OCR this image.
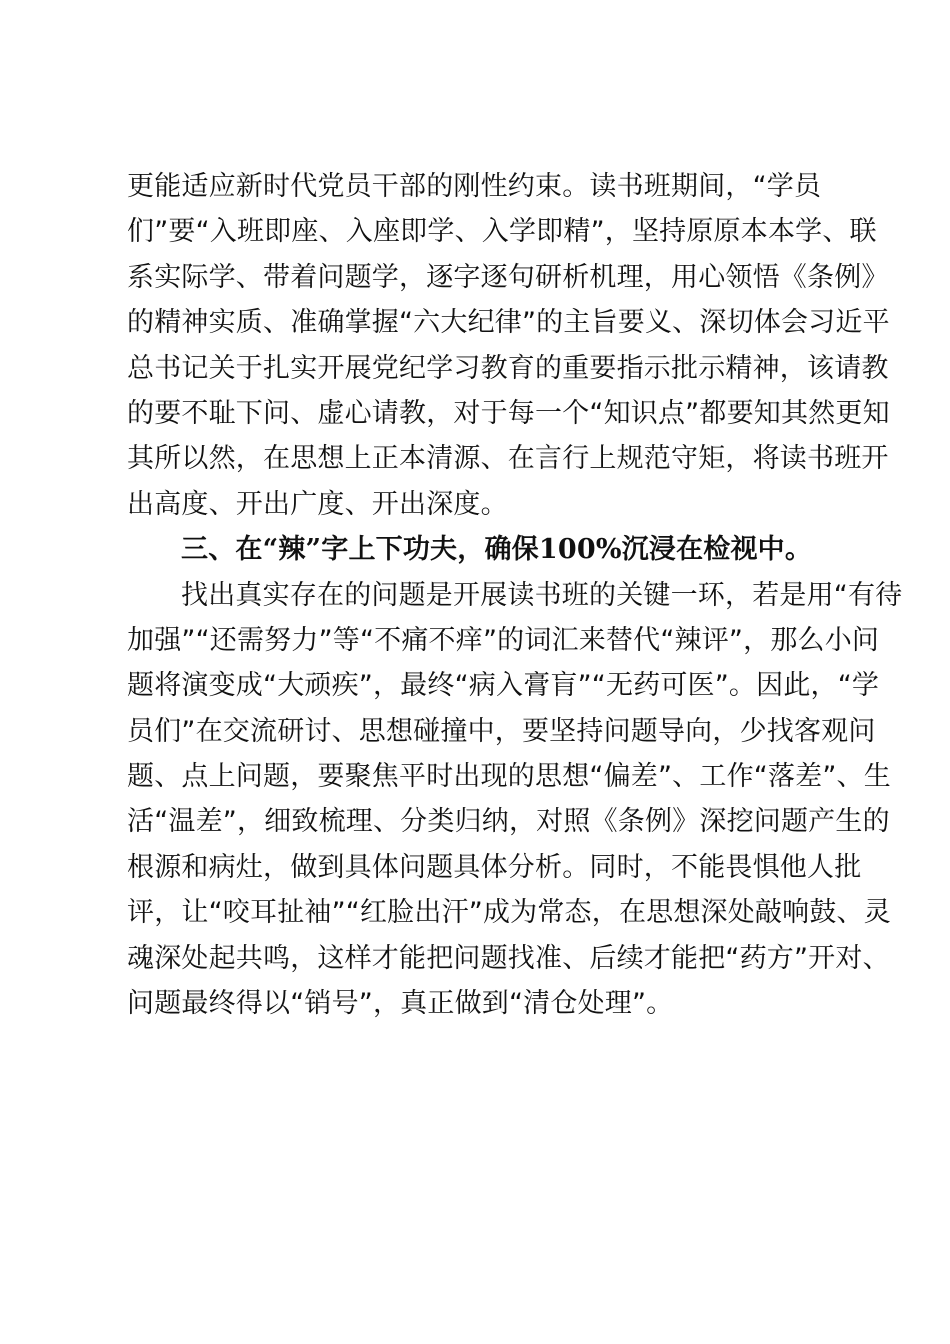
更能适应新时代党员干部的刚性约束。读书班期间，“学员
们”要“入班即座、入座即学、入学即精”，坚持原原本本学、联
系实际学、带着问题学，逐字逐句研析机理，用心领悟《条例》
的精神实质、准确掌握“六大纪律”的主旨要义、深切体会习近平
总书记关于扎实开展党纪学习教育的重要指示批示精神，该请教
的要不耻下问、虚心请教，对于每一个“知识点”都要知其然更知
其所以然，在思想上正本清源、在言行上规范守矩，将读书班开
出高度、开出广度、开出深度。
三、在“辣”字上下功夫，确保100%沉浸在检视中。
找出真实存在的问题是开展读书班的关键一环，若是用“有待
加强”“还需努力”等“不痛不痒”的词汇来替代“辣评”，那么小问
题将演变成“大顽疾”，最终“病入膏肓”“无药可医”。因此，“学
员们”在交流研讨、思想碰撞中，要坚持问题导向，少找客观问
题、点上问题，要聚焦平时出现的思想“偏差”、工作“落差”、生
活“温差”，细致梳理、分类归纳，对照《条例》深挖问题产生的
根源和病灶，做到具体问题具体分析。同时，不能畏惧他人批
评，让“咬耳扯袖”“红脸出汗”成为常态，在思想深处敲响鼓、灵
魂深处起共鸣，这样才能把问题找准、后续才能把“药方”开对、
问题最终得以“销号”，真正做到“清仓处理”。
